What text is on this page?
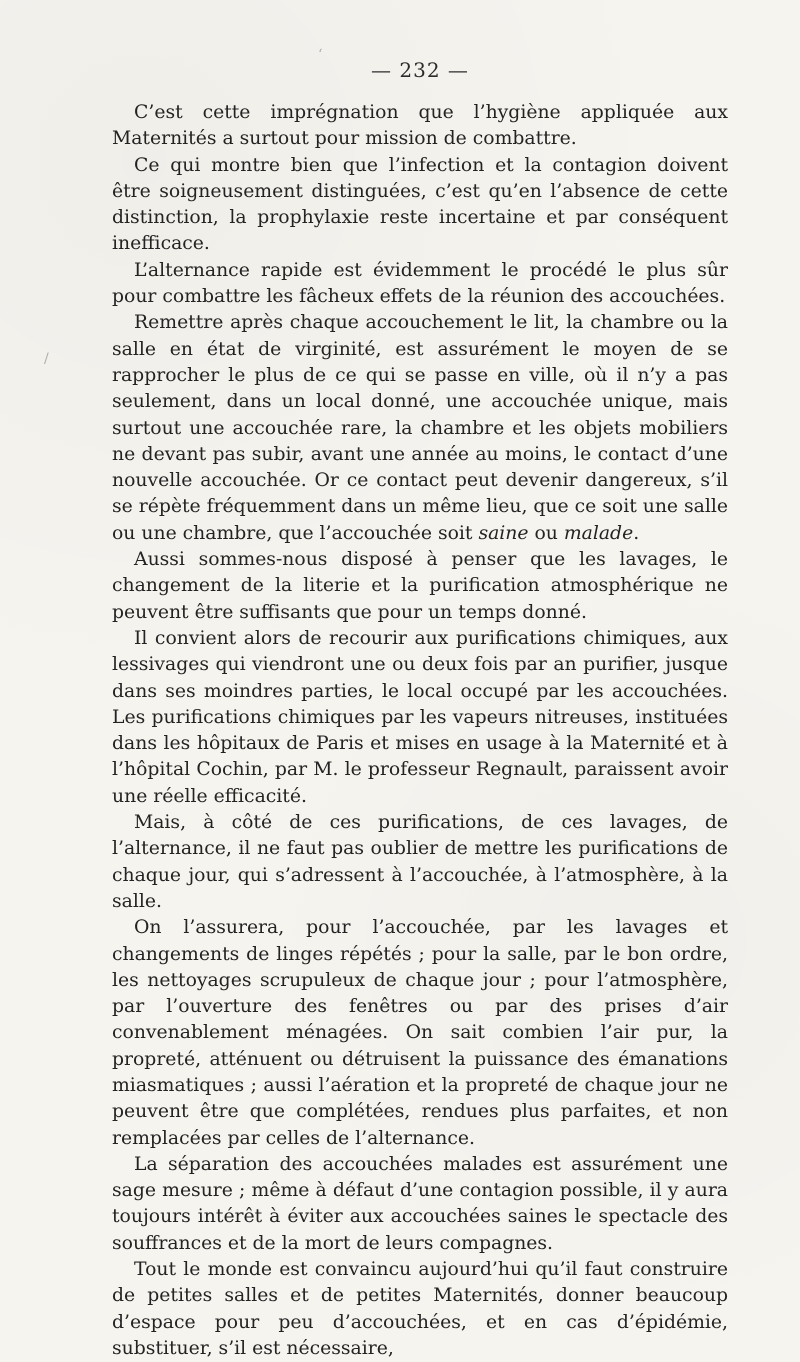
‘
/
— 232 —

C’est cette imprégnation que l’hygiène appliquée aux Maternités a surtout pour mission de combattre.

Ce qui montre bien que l’infection et la contagion doivent être soigneusement distinguées, c’est qu’en l’absence de cette distinction, la prophylaxie reste incertaine et par conséquent inefficace.

L’alternance rapide est évidemment le procédé le plus sûr pour combattre les fâcheux effets de la réunion des accouchées.

Remettre après chaque accouchement le lit, la chambre ou la salle en état de virginité, est assurément le moyen de se rapprocher le plus de ce qui se passe en ville, où il n’y a pas seulement, dans un local donné, une accouchée unique, mais surtout une accouchée rare, la chambre et les objets mobiliers ne devant pas subir, avant une année au moins, le contact d’une nouvelle accouchée. Or ce contact peut devenir dangereux, s’il se répète fréquemment dans un même lieu, que ce soit une salle ou une chambre, que l’accouchée soit saine ou malade.

Aussi sommes-nous disposé à penser que les lavages, le changement de la literie et la purification atmosphérique ne peuvent être suffisants que pour un temps donné.

Il convient alors de recourir aux purifications chimiques, aux lessivages qui viendront une ou deux fois par an purifier, jusque dans ses moindres parties, le local occupé par les accouchées. Les purifications chimiques par les vapeurs nitreuses, instituées dans les hôpitaux de Paris et mises en usage à la Maternité et à l’hôpital Cochin, par M. le professeur Regnault, paraissent avoir une réelle efficacité.

Mais, à côté de ces purifications, de ces lavages, de l’alternance, il ne faut pas oublier de mettre les purifications de chaque jour, qui s’adressent à l’accouchée, à l’atmosphère, à la salle.

On l’assurera, pour l’accouchée, par les lavages et changements de linges répétés ; pour la salle, par le bon ordre, les nettoyages scrupuleux de chaque jour ; pour l’atmosphère, par l’ouverture des fenêtres ou par des prises d’air convenablement ménagées. On sait combien l’air pur, la propreté, atténuent ou détruisent la puissance des émanations miasmatiques ; aussi l’aération et la propreté de chaque jour ne peuvent être que complétées, rendues plus parfaites, et non remplacées par celles de l’alternance.

La séparation des accouchées malades est assurément une sage mesure ; même à défaut d’une contagion possible, il y aura toujours intérêt à éviter aux accouchées saines le spectacle des souffrances et de la mort de leurs compagnes.

Tout le monde est convaincu aujourd’hui qu’il faut construire de petites salles et de petites Maternités, donner beaucoup d’espace pour peu d’accouchées, et en cas d’épidémie, substituer, s’il est nécessaire,
